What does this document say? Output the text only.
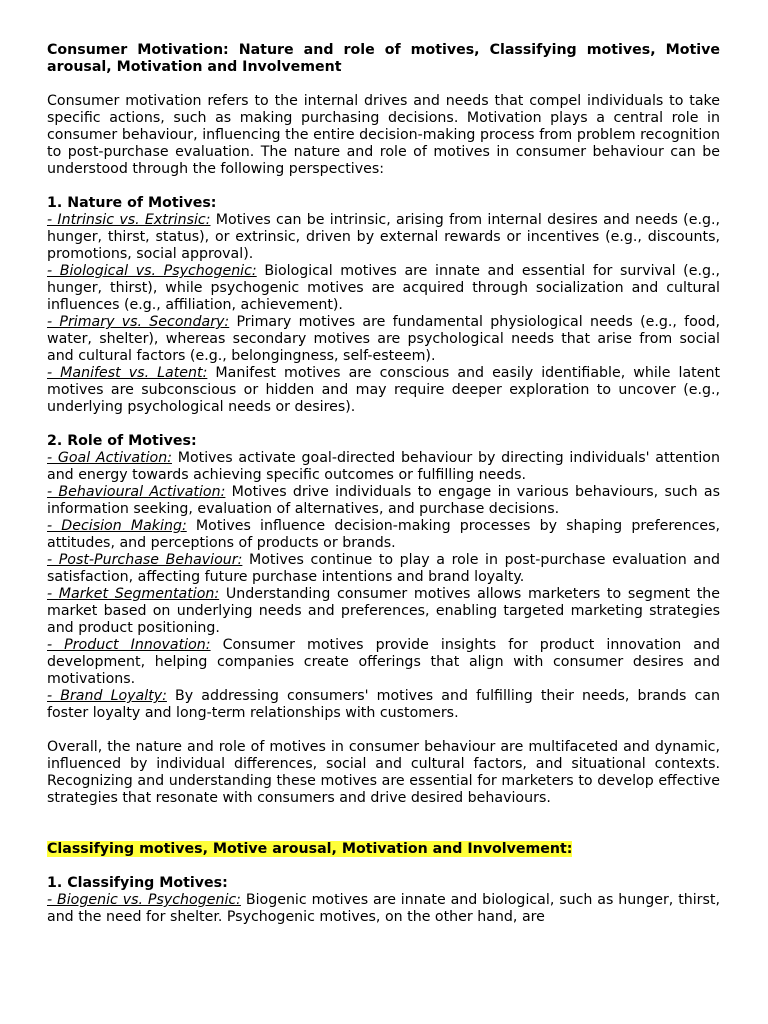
Consumer Motivation: Nature and role of motives, Classifying motives, Motive arousal, Motivation and Involvement

Consumer motivation refers to the internal drives and needs that compel individuals to take specific actions, such as making purchasing decisions. Motivation plays a central role in consumer behaviour, influencing the entire decision-making process from problem recognition to post-purchase evaluation. The nature and role of motives in consumer behaviour can be understood through the following perspectives:

1. Nature of Motives:

- Intrinsic vs. Extrinsic: Motives can be intrinsic, arising from internal desires and needs (e.g., hunger, thirst, status), or extrinsic, driven by external rewards or incentives (e.g., discounts, promotions, social approval).

- Biological vs. Psychogenic: Biological motives are innate and essential for survival (e.g., hunger, thirst), while psychogenic motives are acquired through socialization and cultural influences (e.g., affiliation, achievement).

- Primary vs. Secondary: Primary motives are fundamental physiological needs (e.g., food, water, shelter), whereas secondary motives are psychological needs that arise from social and cultural factors (e.g., belongingness, self-esteem).

- Manifest vs. Latent: Manifest motives are conscious and easily identifiable, while latent motives are subconscious or hidden and may require deeper exploration to uncover (e.g., underlying psychological needs or desires).

2. Role of Motives:

- Goal Activation: Motives activate goal-directed behaviour by directing individuals' attention and energy towards achieving specific outcomes or fulfilling needs.

- Behavioural Activation: Motives drive individuals to engage in various behaviours, such as information seeking, evaluation of alternatives, and purchase decisions.

- Decision Making: Motives influence decision-making processes by shaping preferences, attitudes, and perceptions of products or brands.

- Post-Purchase Behaviour: Motives continue to play a role in post-purchase evaluation and satisfaction, affecting future purchase intentions and brand loyalty.

- Market Segmentation: Understanding consumer motives allows marketers to segment the market based on underlying needs and preferences, enabling targeted marketing strategies and product positioning.

- Product Innovation: Consumer motives provide insights for product innovation and development, helping companies create offerings that align with consumer desires and motivations.

- Brand Loyalty: By addressing consumers' motives and fulfilling their needs, brands can foster loyalty and long-term relationships with customers.

Overall, the nature and role of motives in consumer behaviour are multifaceted and dynamic, influenced by individual differences, social and cultural factors, and situational contexts. Recognizing and understanding these motives are essential for marketers to develop effective strategies that resonate with consumers and drive desired behaviours.

Classifying motives, Motive arousal, Motivation and Involvement:

1. Classifying Motives:

- Biogenic vs. Psychogenic: Biogenic motives are innate and biological, such as hunger, thirst, and the need for shelter. Psychogenic motives, on the other hand, are
